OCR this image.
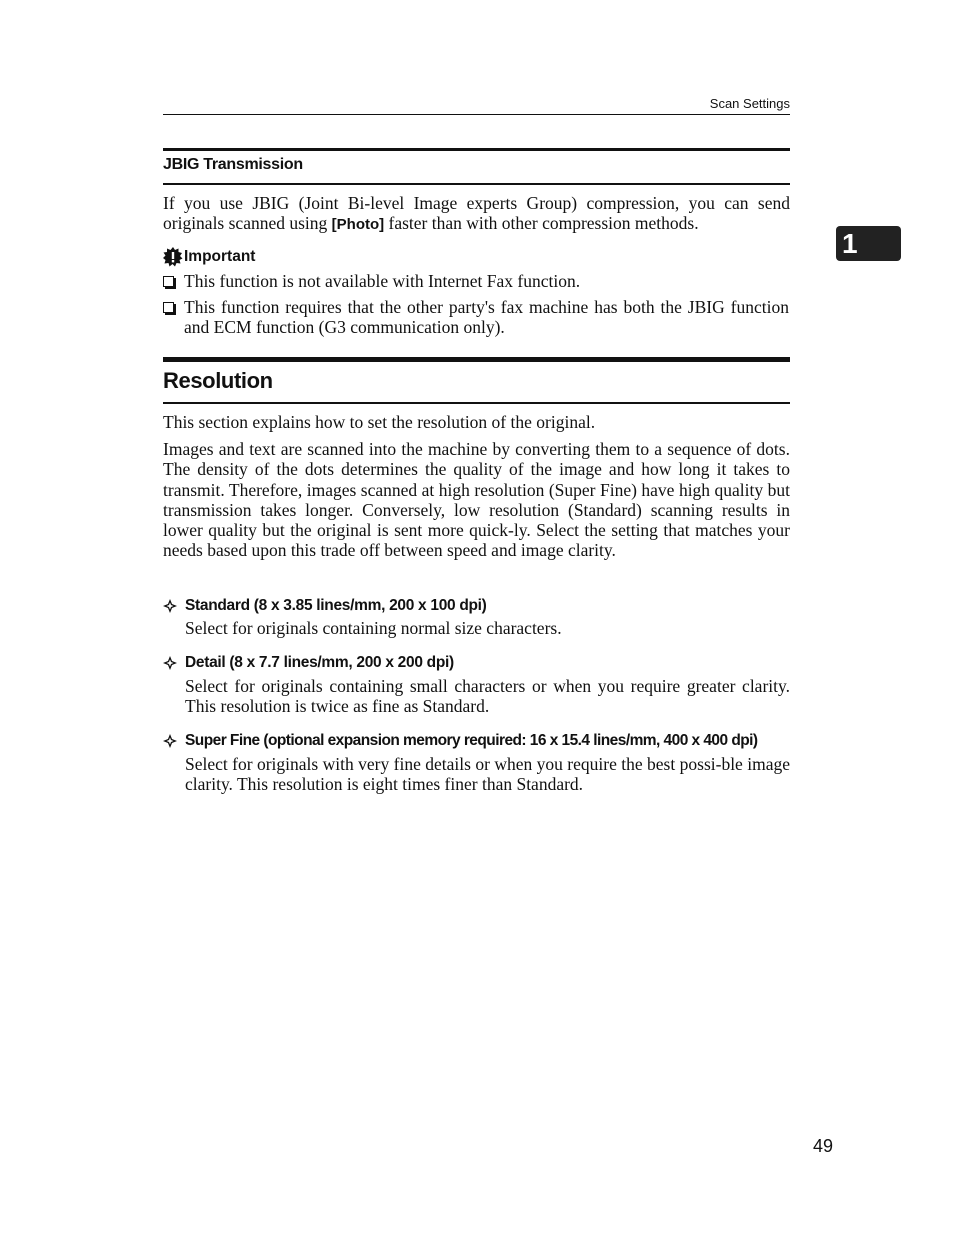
Scan Settings
1
JBIG Transmission

If you use JBIG (Joint Bi-level Image experts Group) compression, you can send originals scanned using [Photo] faster than with other compression methods.

Important
This function is not available with Internet Fax function.
This function requires that the other party's fax machine has both the JBIG function and ECM function (G3 communication only).
Resolution

This section explains how to set the resolution of the original.

Images and text are scanned into the machine by converting them to a sequence of dots. The density of the dots determines the quality of the image and how long it takes to transmit. Therefore, images scanned at high resolution (Super Fine) have high quality but transmission takes longer. Conversely, low resolution (Standard) scanning results in lower quality but the original is sent more quick-ly. Select the setting that matches your needs based upon this trade off between speed and image clarity.

Standard (8 x 3.85 lines/mm, 200 x 100 dpi)

Select for originals containing normal size characters.

Detail (8 x 7.7 lines/mm, 200 x 200 dpi)

Select for originals containing small characters or when you require greater clarity. This resolution is twice as fine as Standard.

Super Fine (optional expansion memory required: 16 x 15.4 lines/mm, 400 x 400 dpi)

Select for originals with very fine details or when you require the best possi-ble image clarity. This resolution is eight times finer than Standard.

49
